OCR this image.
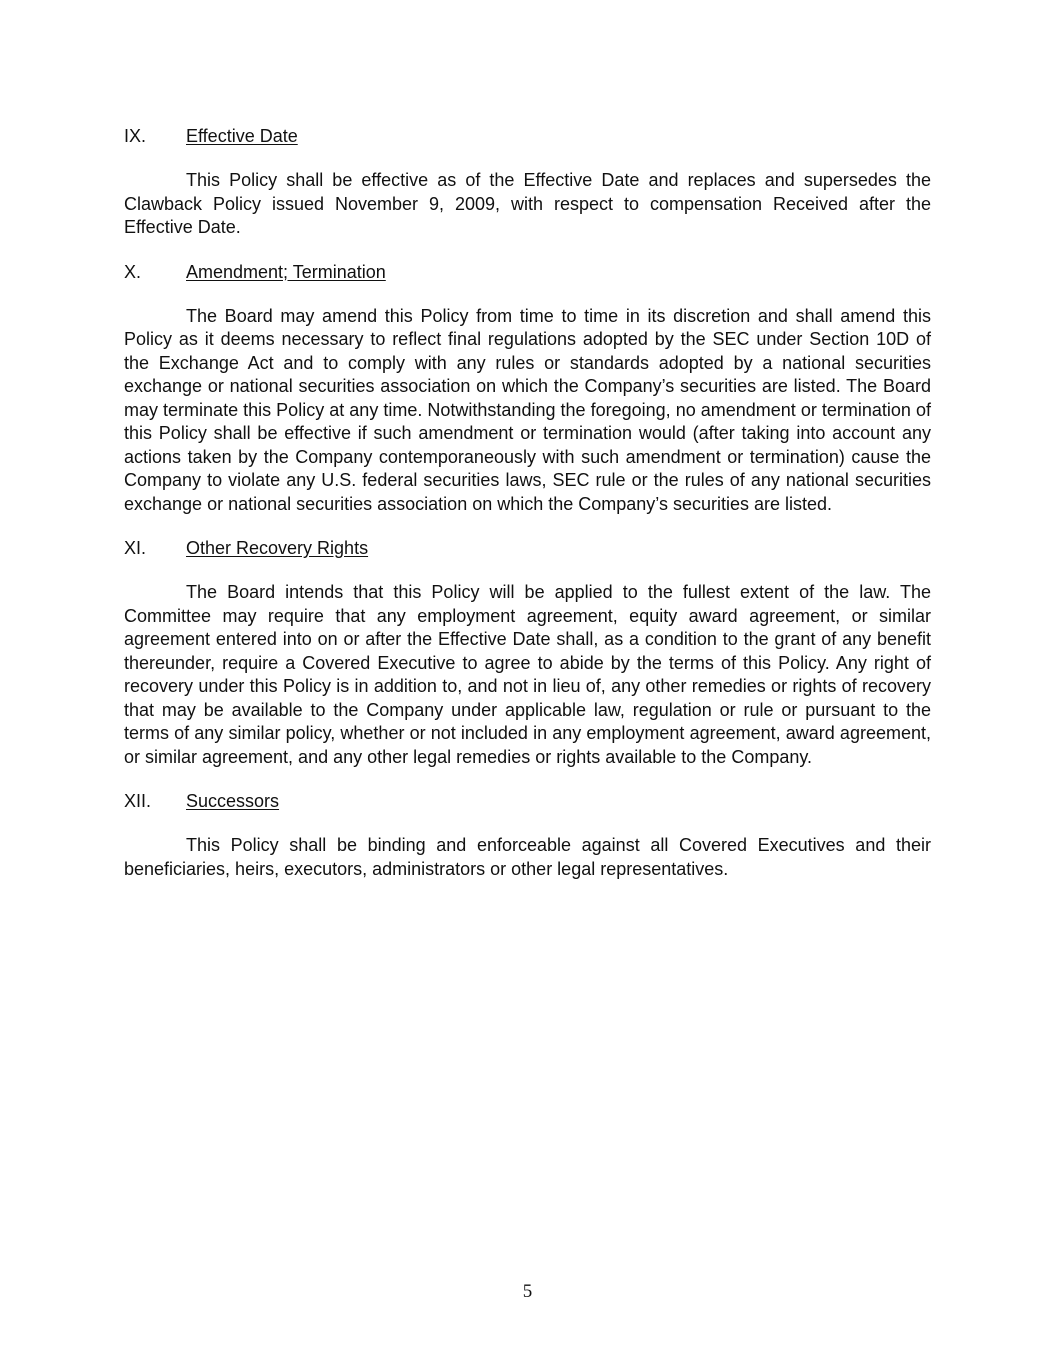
IX.	Effective Date

This Policy shall be effective as of the Effective Date and replaces and supersedes the Clawback Policy issued November 9, 2009, with respect to compensation Received after the Effective Date.

X.	Amendment; Termination

The Board may amend this Policy from time to time in its discretion and shall amend this Policy as it deems necessary to reflect final regulations adopted by the SEC under Section 10D of the Exchange Act and to comply with any rules or standards adopted by a national securities exchange or national securities association on which the Company’s securities are listed. The Board may terminate this Policy at any time. Notwithstanding the foregoing, no amendment or termination of this Policy shall be effective if such amendment or termination would (after taking into account any actions taken by the Company contemporaneously with such amendment or termination) cause the Company to violate any U.S. federal securities laws, SEC rule or the rules of any national securities exchange or national securities association on which the Company’s securities are listed.

XI.	Other Recovery Rights

The Board intends that this Policy will be applied to the fullest extent of the law. The Committee may require that any employment agreement, equity award agreement, or similar agreement entered into on or after the Effective Date shall, as a condition to the grant of any benefit thereunder, require a Covered Executive to agree to abide by the terms of this Policy. Any right of recovery under this Policy is in addition to, and not in lieu of, any other remedies or rights of recovery that may be available to the Company under applicable law, regulation or rule or pursuant to the terms of any similar policy, whether or not included in any employment agreement, award agreement, or similar agreement, and any other legal remedies or rights available to the Company.

XII.	Successors

This Policy shall be binding and enforceable against all Covered Executives and their beneficiaries, heirs, executors, administrators or other legal representatives.

5
